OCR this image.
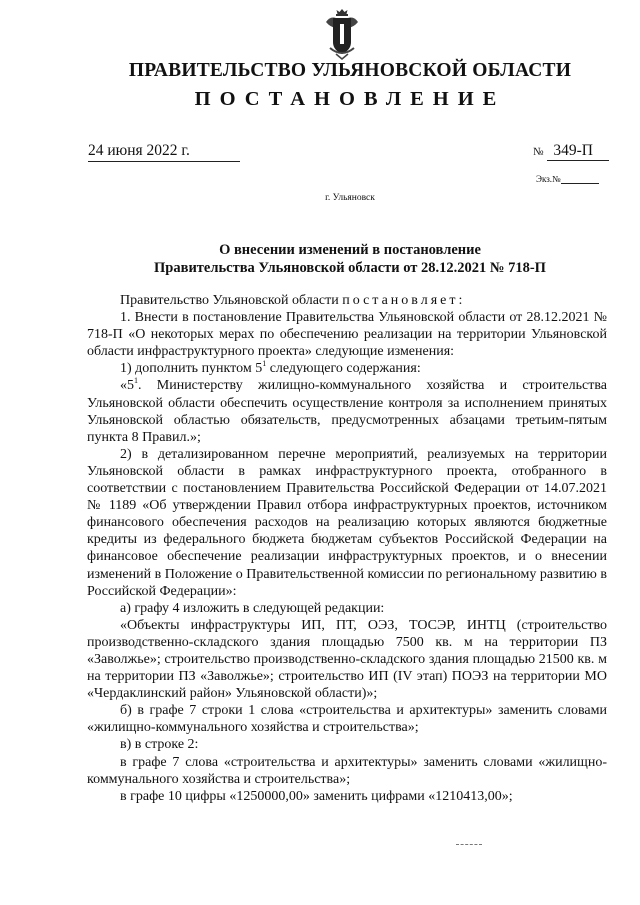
ПРАВИТЕЛЬСТВО УЛЬЯНОВСКОЙ ОБЛАСТИ
ПОСТАНОВЛЕНИЕ
24 июня 2022 г.	№ 349-П
Экз.№
г. Ульяновск
О внесении изменений в постановление
Правительства Ульяновской области от 28.12.2021 № 718-П

Правительство Ульяновской области постановляет:

1. Внести в постановление Правительства Ульяновской области от 28.12.2021 № 718-П «О некоторых мерах по обеспечению реализации на территории Ульяновской области инфраструктурного проекта» следующие изменения:

1) дополнить пунктом $5^1$ следующего содержания:

«$5^1$. Министерству жилищно-коммунального хозяйства и строительства Ульяновской области обеспечить осуществление контроля за исполнением принятых Ульяновской областью обязательств, предусмотренных абзацами третьим-пятым пункта 8 Правил.»;

2) в детализированном перечне мероприятий, реализуемых на территории Ульяновской области в рамках инфраструктурного проекта, отобранного в соответствии с постановлением Правительства Российской Федерации от 14.07.2021 № 1189 «Об утверждении Правил отбора инфраструктурных проектов, источником финансового обеспечения расходов на реализацию которых являются бюджетные кредиты из федерального бюджета бюджетам субъектов Российской Федерации на финансовое обеспечение реализации инфраструктурных проектов, и о внесении изменений в Положение о Правительственной комиссии по региональному развитию в Российской Федерации»:

а) графу 4 изложить в следующей редакции:

«Объекты инфраструктуры ИП, ПТ, ОЭЗ, ТОСЭР, ИНТЦ (строительство производственно-складского здания площадью 7500 кв. м на территории ПЗ «Заволжье»; строительство производственно-складского здания площадью 21500 кв. м на территории ПЗ «Заволжье»; строительство ИП (IV этап) ПОЭЗ на территории МО «Чердаклинский район» Ульяновской области)»;

б) в графе 7 строки 1 слова «строительства и архитектуры» заменить словами «жилищно-коммунального хозяйства и строительства»;

в) в строке 2:

в графе 7 слова «строительства и архитектуры» заменить словами «жилищно-коммунального хозяйства и строительства»;

в графе 10 цифры «1250000,00» заменить цифрами «1210413,00»;
